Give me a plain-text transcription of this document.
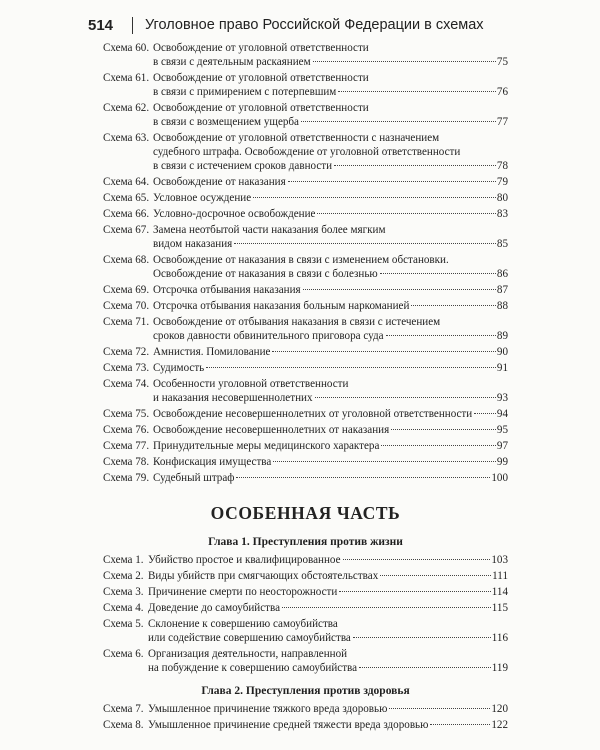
514	Уголовное право Российской Федерации в схемах
Схема 60. Освобождение от уголовной ответственности
в связи с деятельным раскаянием	75
Схема 61. Освобождение от уголовной ответственности
в связи с примирением с потерпевшим	76
Схема 62. Освобождение от уголовной ответственности
в связи с возмещением ущерба	77
Схема 63. Освобождение от уголовной ответственности с назначением
судебного штрафа. Освобождение от уголовной ответственности
в связи с истечением сроков давности	78
Схема 64. Освобождение от наказания	79
Схема 65. Условное осуждение	80
Схема 66. Условно-досрочное освобождение	83
Схема 67. Замена неотбытой части наказания более мягким
видом наказания	85
Схема 68. Освобождение от наказания в связи с изменением обстановки.
Освобождение от наказания в связи с болезнью	86
Схема 69. Отсрочка отбывания наказания	87
Схема 70. Отсрочка отбывания наказания больным наркоманией	88
Схема 71. Освобождение от отбывания наказания в связи с истечением
сроков давности обвинительного приговора суда	89
Схема 72. Амнистия. Помилование	90
Схема 73. Судимость	91
Схема 74. Особенности уголовной ответственности
и наказания несовершеннолетних	93
Схема 75. Освобождение несовершеннолетних от уголовной ответственности 94
Схема 76. Освобождение несовершеннолетних от наказания	95
Схема 77. Принудительные меры медицинского характера	97
Схема 78. Конфискация имущества	99
Схема 79. Судебный штраф	100
ОСОБЕННАЯ ЧАСТЬ
Глава 1. Преступления против жизни
Схема 1. Убийство простое и квалифицированное	103
Схема 2. Виды убийств при смягчающих обстоятельствах	111
Схема 3. Причинение смерти по неосторожности	114
Схема 4. Доведение до самоубийства	115
Схема 5. Склонение к совершению самоубийства
или содействие совершению самоубийства	116
Схема 6. Организация деятельности, направленной
на побуждение к совершению самоубийства	119
Глава 2. Преступления против здоровья
Схема 7. Умышленное причинение тяжкого вреда здоровью	120
Схема 8. Умышленное причинение средней тяжести вреда здоровью	122
